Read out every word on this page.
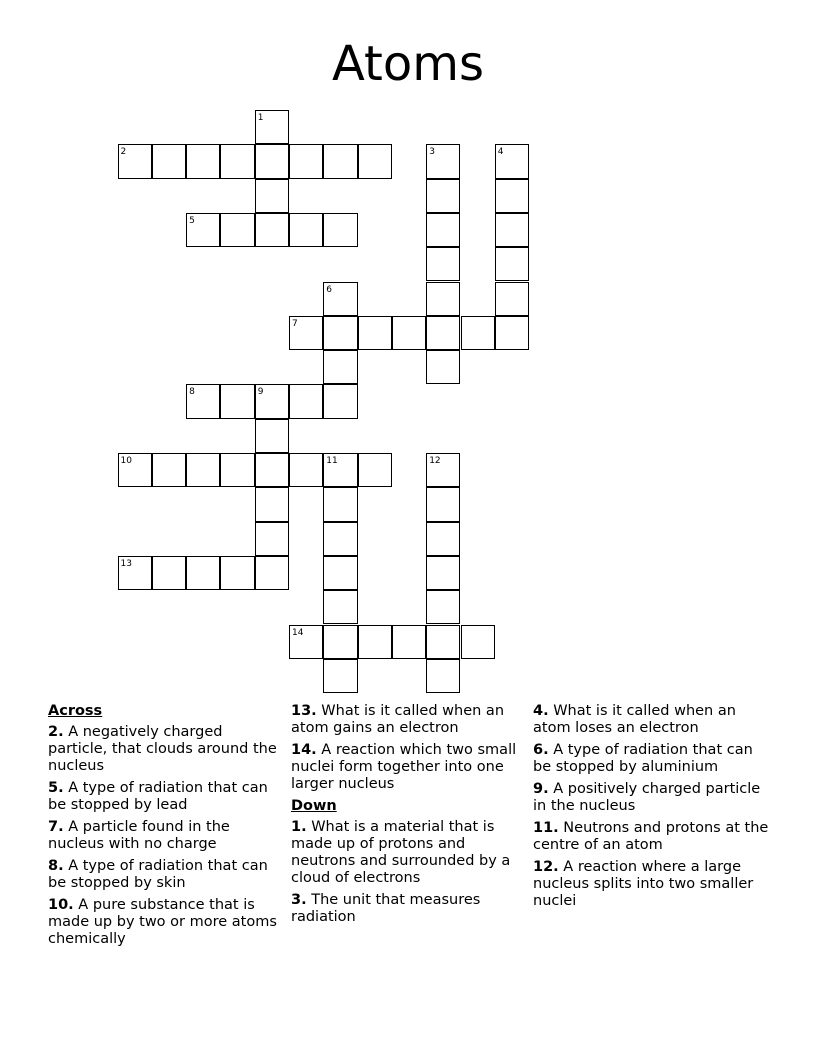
Atoms
1
2	3	4
5
6
7
8	9
10	11	12
13
14
Across
2. A negatively charged particle, that clouds around the nucleus
5. A type of radiation that can be stopped by lead
7. A particle found in the nucleus with no charge
8. A type of radiation that can be stopped by skin
10. A pure substance that is made up by two or more atoms chemically
13. What is it called when an atom gains an electron
14. A reaction which two small nuclei form together into one larger nucleus
Down
1. What is a material that is made up of protons and neutrons and surrounded by a cloud of electrons
3. The unit that measures radiation
4. What is it called when an atom loses an electron
6. A type of radiation that can be stopped by aluminium
9. A positively charged particle in the nucleus
11. Neutrons and protons at the centre of an atom
12. A reaction where a large nucleus splits into two smaller nuclei
